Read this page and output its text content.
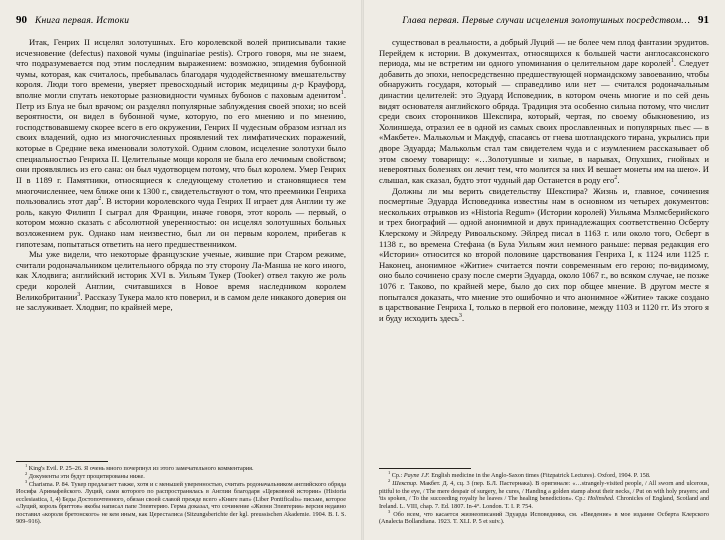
90 Книга первая. Истоки

Итак, Генрих II исцелял золотушных. Его королевской волей приписывали такие исчезновение (defectus) паховой чумы (inguinariae pestis). Строго говоря, мы не знаем, что подразумевается под этим последним выражением: возможно, эпидемия бубонной чумы, которая, как считалось, пребывалась благодаря чудодейственному вмешательству короля. Люди того времени, уверяет превосходный историк медицины д-р Крауфорд, вполне могли спутать некоторые разновидности чумных бубонов с паховым аденитом$^1$. Петр из Блуа не был врачом; он разделял популярные заблуждения своей эпохи; но всей вероятности, он видел в бубонной чуме, которую, по его мнению и по мнению, господствовавшему скорее всего в его окружении, Генрих II чудесным образом изгнал из своих владений, одно из многочисленных проявлений тех лимфатических поражений, которые в Средние века именовали золотухой. Одним словом, исцеление золотухи было специальностью Генриха II. Целительные мощи короля не была его лечимым свойством; они проявлялись из его сана: он был чудотворцем потому, что был королем. Умер Генрих II в 1189 г. Памятники, относящиеся к следующему столетию и становящиеся тем многочисленнее, чем ближе они к 1300 г., свидетельствуют о том, что преемники Генриха пользовались этот дар$^2$. В истории королевского чуда Генрих II играет для Англии ту же роль, какую Филипп I сыграл для Франции, иначе говоря, этот король — первый, о котором можно сказать с абсолютной уверенностью: он исцелял золотушных больных возложением рук. Однако нам неизвестно, был ли он первым королем, прибегав к гипотезам, попытаться ответить на него предшественником.

Мы уже видели, что некоторые французские ученые, жившие при Старом режиме, считали родоначальником целительного обряда по эту сторону Ла-Манша не кого иного, как Хлодвига; английский историк XVI в. Уильям Тукер (Tooker) отвел такую же роль среди королей Англии, считавшихся в Новое время наследником королем Великобритании$^3$. Рассказу Тукера мало кто поверил, и в самом деле никакого доверия он не заслуживает. Хлодвиг, по крайней мере,

$^1$ King's Evil. P. 25–26. Я очень много почерпнул из этого замечательного комментария.

$^2$ Документы эти будут процитированы ниже.

$^3$ Charisma. P. 84. Тукер предлагает также, хотя и с меньшей уверенностью, считать родоначальником английского обряда Иосифа Аримафейского. Луций, сами которого по распространялась в Англии благодаря «Церковной истории» (Historia ecclesiastica, I, 4) Беды Достопочтенного, обязан своей славой прежде всего «Книге пап» (Liber Pontificalis» письме, которое «Луций, король бриттов» якобы написал папе Элевтерию. Герма доказал, что сочинение «Жизни Элевтерия» версия недавно поставил «короля бретонского» не кем иным, как Цересталиса (Sitzungsberichte der kgl. preussischen Akademie. 1904. B. I. S. 909–916).

Глава первая. Первые случаи исцеления золотушных посредством… 91

существовал в реальности, а добрый Луций — не более чем плод фантазии эрудитов. Перейдем к истории. В документах, относящихся к большей части англосаксонского периода, мы не встретим ни одного упоминания о целительном даре королей$^1$. Следует добавить до эпохи, непосредственно предшествующей нормандскому завоеванию, чтобы обнаружить государя, который — справедливо или нет — считался родоначальным династии целителей: это Эдуард Исповедник, в котором очень многие и по сей день видят основателя английского обряда. Традиция эта особенно сильна потому, что числит среди своих сторонников Шекспира, который, чертая, по своему обыкновению, из Холиншеда, отразил ее в одной из самых своих прославленных и популярных пьес — в «Макбете». Малькольм и Макдуф, спасаясь от гнева шотландского тирана, укрылись при дворе Эдуарда; Малькольм стал там свидетелем чуда и с изумлением рассказывает об этом своему товарищу: «…Золотушные и хилые, в нарывах, Опухших, гнойных и невероятных болезнях он лечит тем, что молится за них И вешает монеты им на шею». И слышал, как сказал, будто этот чудный дар Останется в роду его$^2$.

Должны ли мы верить свидетельству Шекспира? Жизнь и, главное, сочинения посмертные Эдуарда Исповедника известны нам в основном из четырех документов: нескольких отрывков из «Historia Regum» (Истории королей) Уильяма Мэлмсберийского и трех биографий — одной анонимной и двух принадлежащих соответственно Осберту Клерскому и Эйлреду Ривоальскому. Эйлред писал в 1163 г. или около того, Осберт в 1138 г., во времена Стефана (в Була Уильям жил немного раньше: первая редакция его «Истории» относится ко второй половине царствования Генриха I, к 1124 или 1125 г. Наконец, анонимное «Житие» считается почти современным его герою; по-видимому, оно было сочинено сразу после смерти Эдуарда, около 1067 г., во всяком случае, не позже 1076 г. Таково, по крайней мере, было до сих пор общее мнение. В другом месте я попытался доказать, что мнение это ошибочно и что анонимное «Житие» также создано в царствование Генриха I, только в первой его половине, между 1103 и 1120 гг. Из этого я и буду исходить здесь$^3$.

$^1$ Ср.: Payne J.F. English medicine in the Anglo-Saxon times (Fitzpatrick Lectures). Oxford, 1904. P. 158.

$^2$ Шекспир. Макбет. Д. 4, сц. 3 (пер. Б.Л. Пастернака). В оригинале: «…strangely-visited people, / All sworn and ulcerous, pitiful to the eye, / The mere despair of surgery, he cures, / Handing a golden stamp about their necks, / Put on with holy prayers; and 'tis spoken, / To the succeeding royalty he leaves / The healing benediction». Ср.: Holinshed. Chronicles of England, Scotland and Ireland. L. VIII, chap. 7. Ed. 1807. In-4°. London. T. I. P. 754.

$^3$ Обо всем, что касается жизнеописаний Эдуарда Исповедника, см. «Введение» в мое издание Осберта Клерского (Analecta Bollandiana. 1923. T. XLI. P. 5 et suiv.).
